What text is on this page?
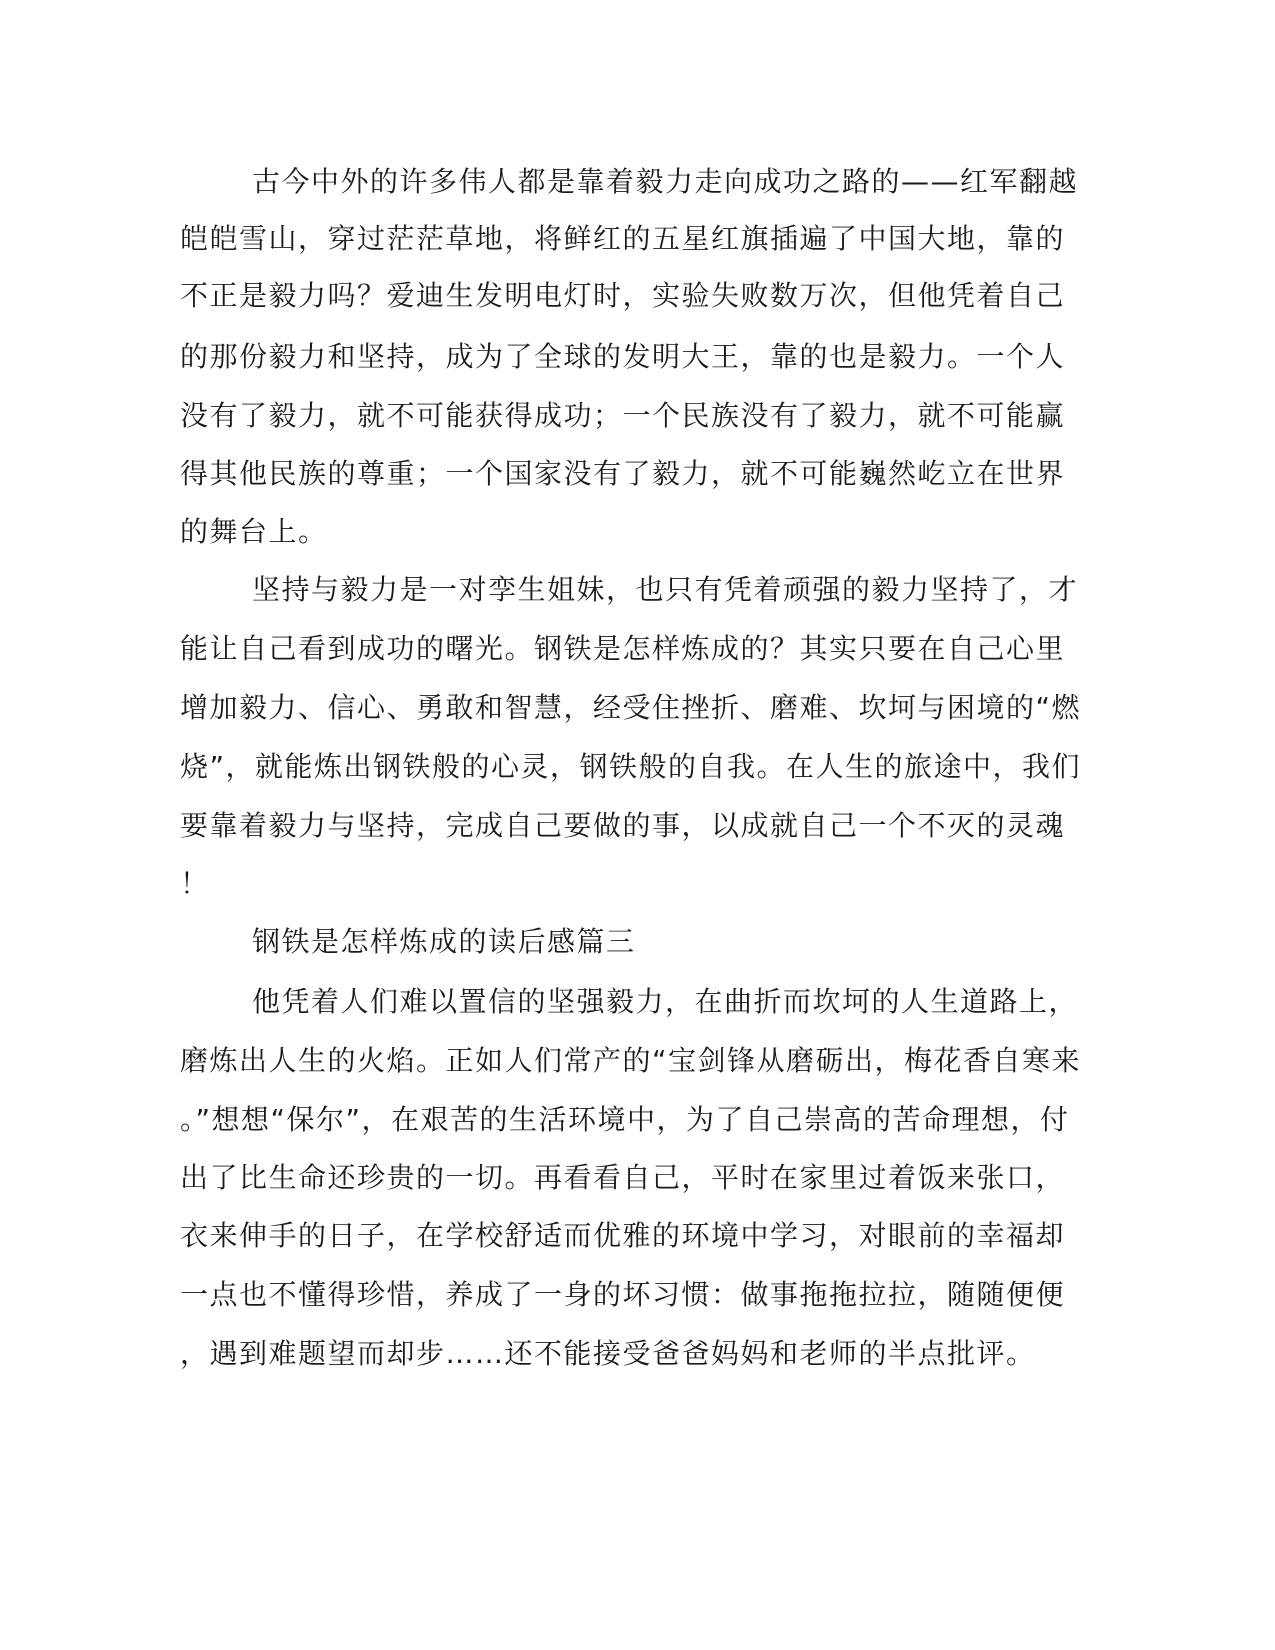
古今中外的许多伟人都是靠着毅力走向成功之路的——红军翻越

皑皑雪山，穿过茫茫草地，将鲜红的五星红旗插遍了中国大地，靠的

不正是毅力吗？爱迪生发明电灯时，实验失败数万次，但他凭着自己

的那份毅力和坚持，成为了全球的发明大王，靠的也是毅力。一个人

没有了毅力，就不可能获得成功；一个民族没有了毅力，就不可能赢

得其他民族的尊重；一个国家没有了毅力，就不可能巍然屹立在世界

的舞台上。

坚持与毅力是一对孪生姐妹，也只有凭着顽强的毅力坚持了，才

能让自己看到成功的曙光。钢铁是怎样炼成的？其实只要在自己心里

增加毅力、信心、勇敢和智慧，经受住挫折、磨难、坎坷与困境的“燃

烧”，就能炼出钢铁般的心灵，钢铁般的自我。在人生的旅途中，我们

要靠着毅力与坚持，完成自己要做的事，以成就自己一个不灭的灵魂

！

钢铁是怎样炼成的读后感篇三

他凭着人们难以置信的坚强毅力，在曲折而坎坷的人生道路上，

磨炼出人生的火焰。正如人们常产的“宝剑锋从磨砺出，梅花香自寒来

。”想想“保尔”，在艰苦的生活环境中，为了自己崇高的苦命理想，付

出了比生命还珍贵的一切。再看看自己，平时在家里过着饭来张口，

衣来伸手的日子，在学校舒适而优雅的环境中学习，对眼前的幸福却

一点也不懂得珍惜，养成了一身的坏习惯：做事拖拖拉拉，随随便便

，遇到难题望而却步……还不能接受爸爸妈妈和老师的半点批评。
